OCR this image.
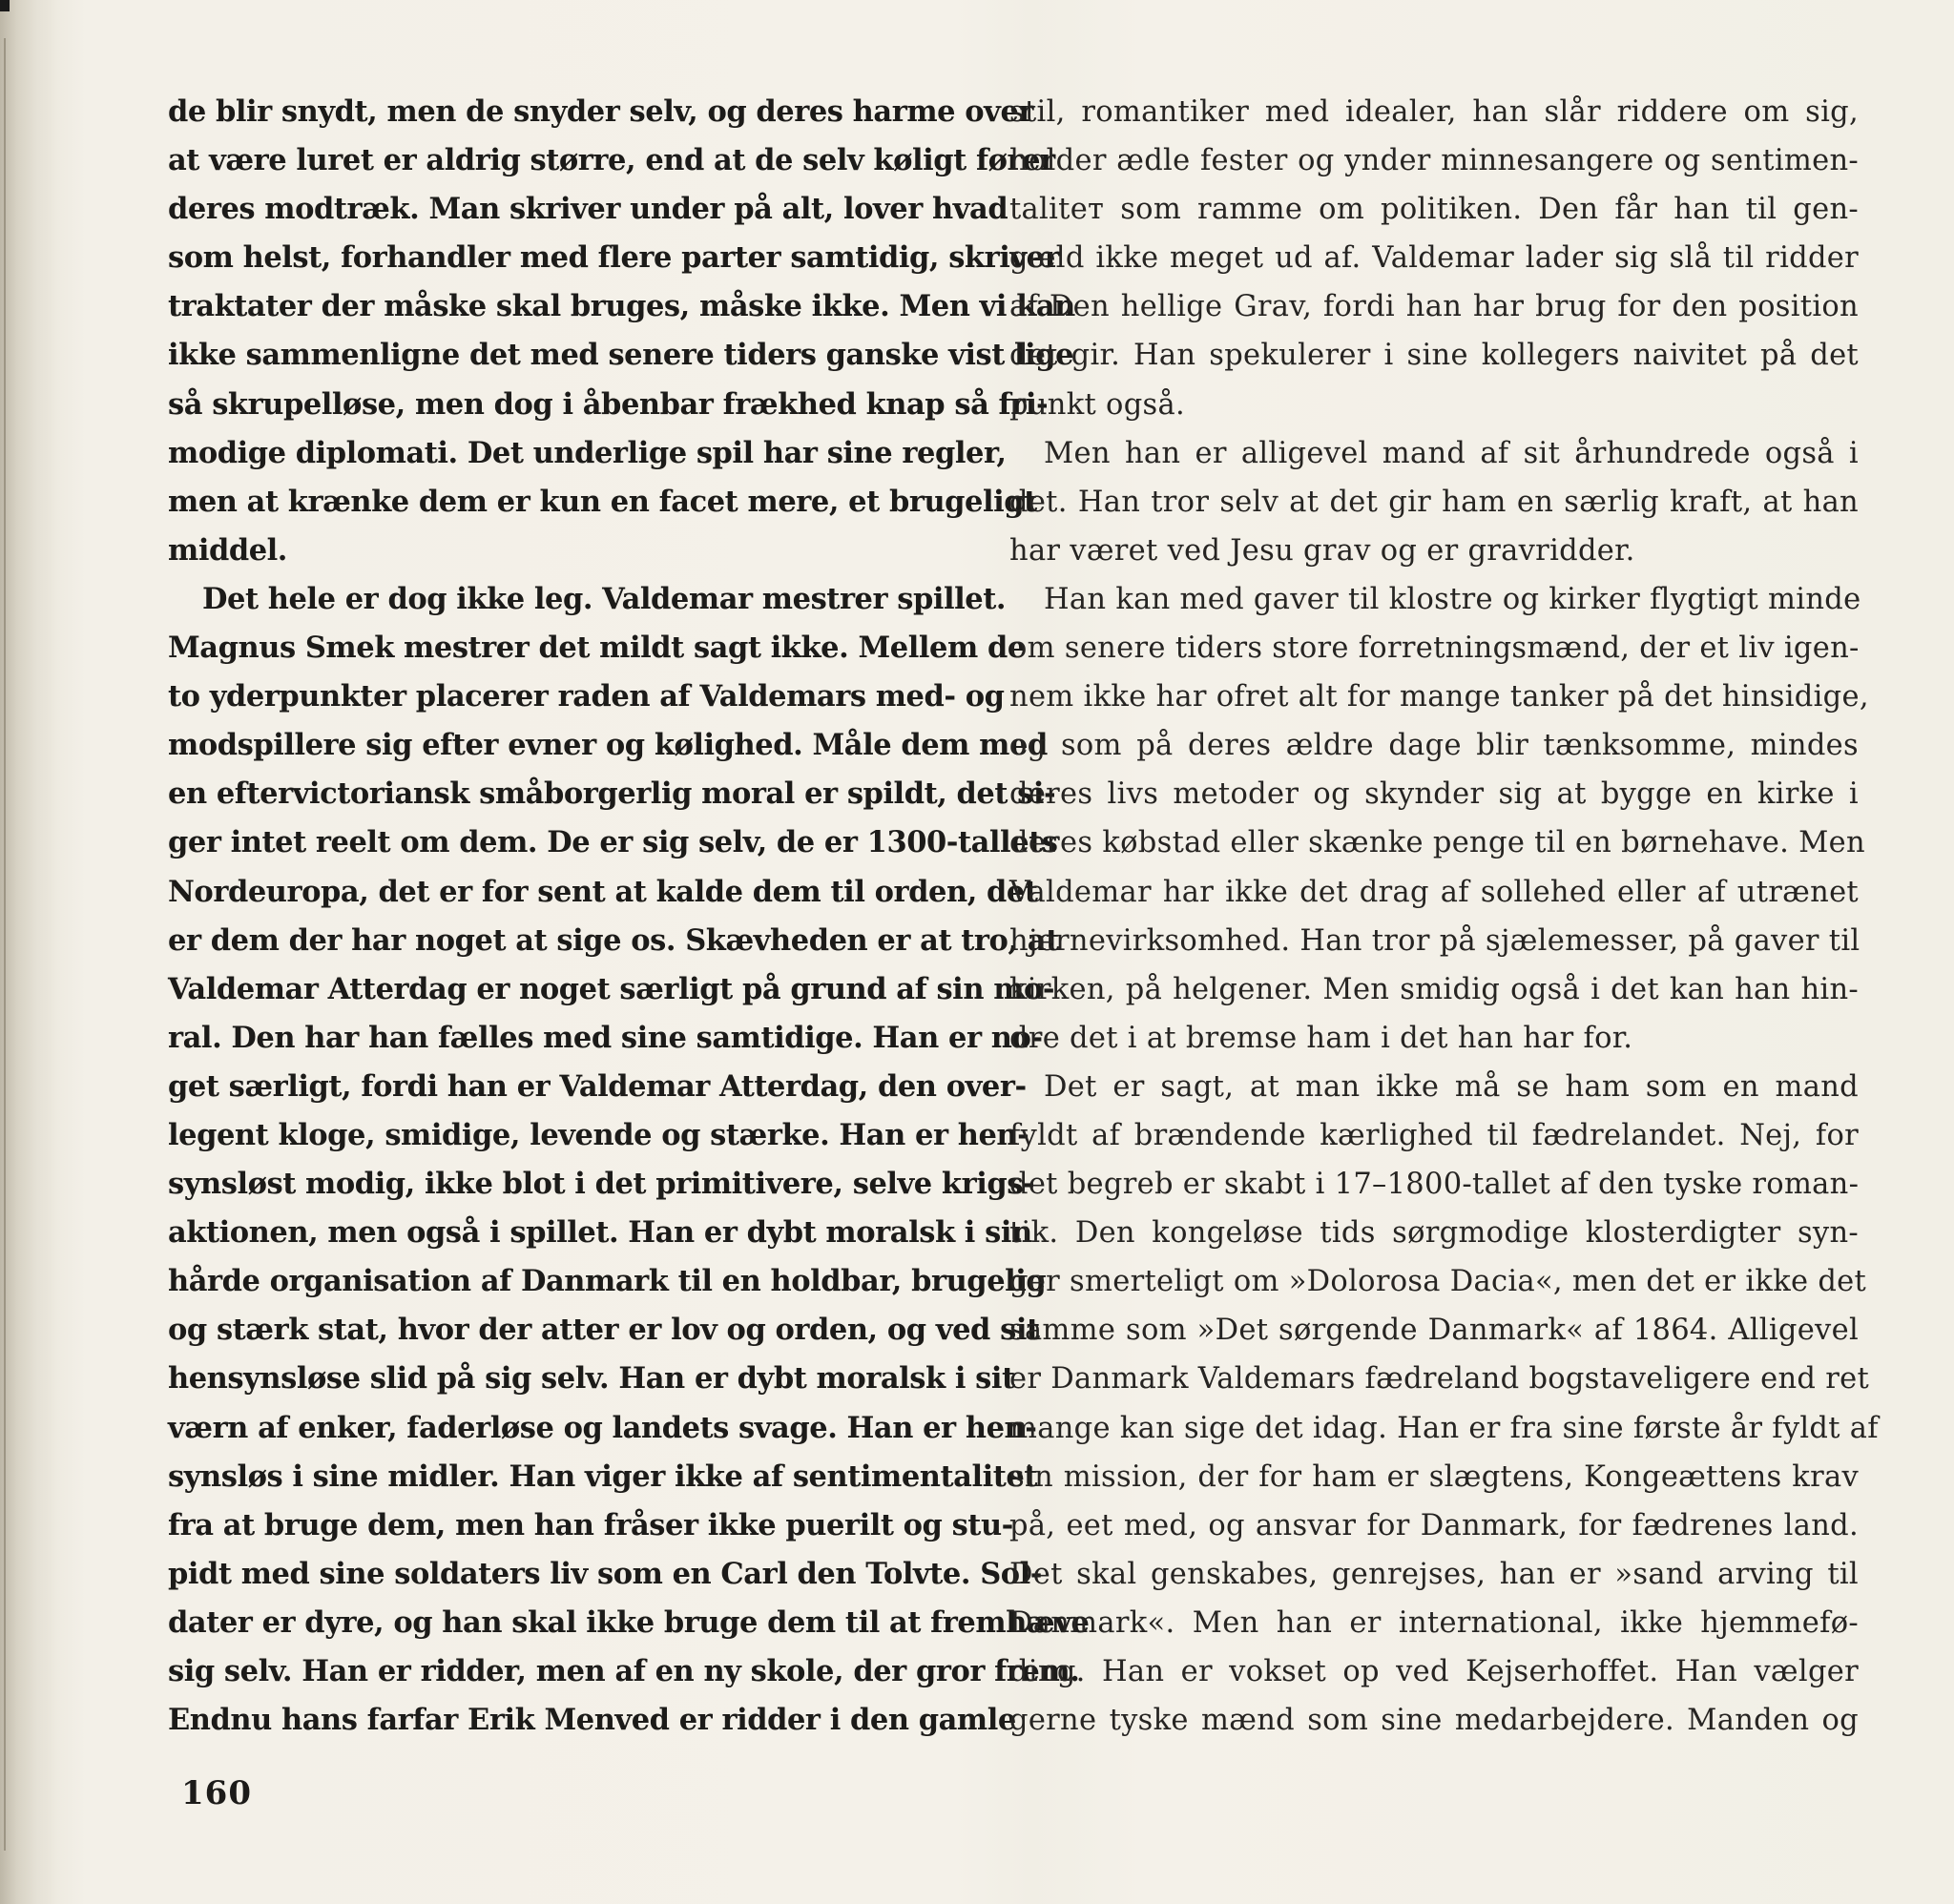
de blir snydt, men de snyder selv, og deres harme over
at være luret er aldrig større, end at de selv køligt fører
deres modtræk. Man skriver under på alt, lover hvad
som helst, forhandler med flere parter samtidig, skriver
traktater der måske skal bruges, måske ikke. Men vi kan
ikke sammenligne det med senere tiders ganske vist lige
så skrupelløse, men dog i åbenbar frækhed knap så fri-
modige diplomati. Det underlige spil har sine regler,
men at krænke dem er kun en facet mere, et brugeligt
middel.
Det hele er dog ikke leg. Valdemar mestrer spillet.
Magnus Smek mestrer det mildt sagt ikke. Mellem de
to yderpunkter placerer raden af Valdemars med- og
modspillere sig efter evner og kølighed. Måle dem med
en eftervictoriansk småborgerlig moral er spildt, det si-
ger intet reelt om dem. De er sig selv, de er 1300-tallets
Nordeuropa, det er for sent at kalde dem til orden, det
er dem der har noget at sige os. Skævheden er at tro, at
Valdemar Atterdag er noget særligt på grund af sin mo-
ral. Den har han fælles med sine samtidige. Han er no-
get særligt, fordi han er Valdemar Atterdag, den over-
legent kloge, smidige, levende og stærke. Han er hen-
synsløst modig, ikke blot i det primitivere, selve krigs-
aktionen, men også i spillet. Han er dybt moralsk i sin
hårde organisation af Danmark til en holdbar, brugelig
og stærk stat, hvor der atter er lov og orden, og ved sit
hensynsløse slid på sig selv. Han er dybt moralsk i sit
værn af enker, faderløse og landets svage. Han er hen-
synsløs i sine midler. Han viger ikke af sentimentalitet
fra at bruge dem, men han fråser ikke puerilt og stu-
pidt med sine soldaters liv som en Carl den Tolvte. Sol-
dater er dyre, og han skal ikke bruge dem til at fremhæve
sig selv. Han er ridder, men af en ny skole, der gror frem.
Endnu hans farfar Erik Menved er ridder i den gamle
stil, romantiker med idealer, han slår riddere om sig,
holder ædle fester og ynder minnesangere og sentimen-
taliteт som ramme om politiken. Den får han til gen-
gæld ikke meget ud af. Valdemar lader sig slå til ridder
af Den hellige Grav, fordi han har brug for den position
det gir. Han spekulerer i sine kollegers naivitet på det
punkt også.
Men han er alligevel mand af sit århundrede også i
det. Han tror selv at det gir ham en særlig kraft, at han
har været ved Jesu grav og er gravridder.
Han kan med gaver til klostre og kirker flygtigt minde
om senere tiders store forretningsmænd, der et liv igen-
nem ikke har ofret alt for mange tanker på det hinsidige,
og som på deres ældre dage blir tænksomme, mindes
deres livs metoder og skynder sig at bygge en kirke i
deres købstad eller skænke penge til en børnehave. Men
Valdemar har ikke det drag af sollehed eller af utrænet
hjernevirksomhed. Han tror på sjælemesser, på gaver til
kirken, på helgener. Men smidig også i det kan han hin-
dre det i at bremse ham i det han har for.
Det er sagt, at man ikke må se ham som en mand
fyldt af brændende kærlighed til fædrelandet. Nej, for
det begreb er skabt i 17–1800-tallet af den tyske roman-
tik. Den kongeløse tids sørgmodige klosterdigter syn-
ger smerteligt om »Dolorosa Dacia«, men det er ikke det
samme som »Det sørgende Danmark« af 1864. Alligevel
er Danmark Valdemars fædreland bogstaveligere end ret
mange kan sige det idag. Han er fra sine første år fyldt af
sin mission, der for ham er slægtens, Kongeættens krav
på, eet med, og ansvar for Danmark, for fædrenes land.
Det skal genskabes, genrejses, han er »sand arving til
Danmark«. Men han er international, ikke hjemmefø-
ding. Han er vokset op ved Kejserhoffet. Han vælger
gerne tyske mænd som sine medarbejdere. Manden og
160
